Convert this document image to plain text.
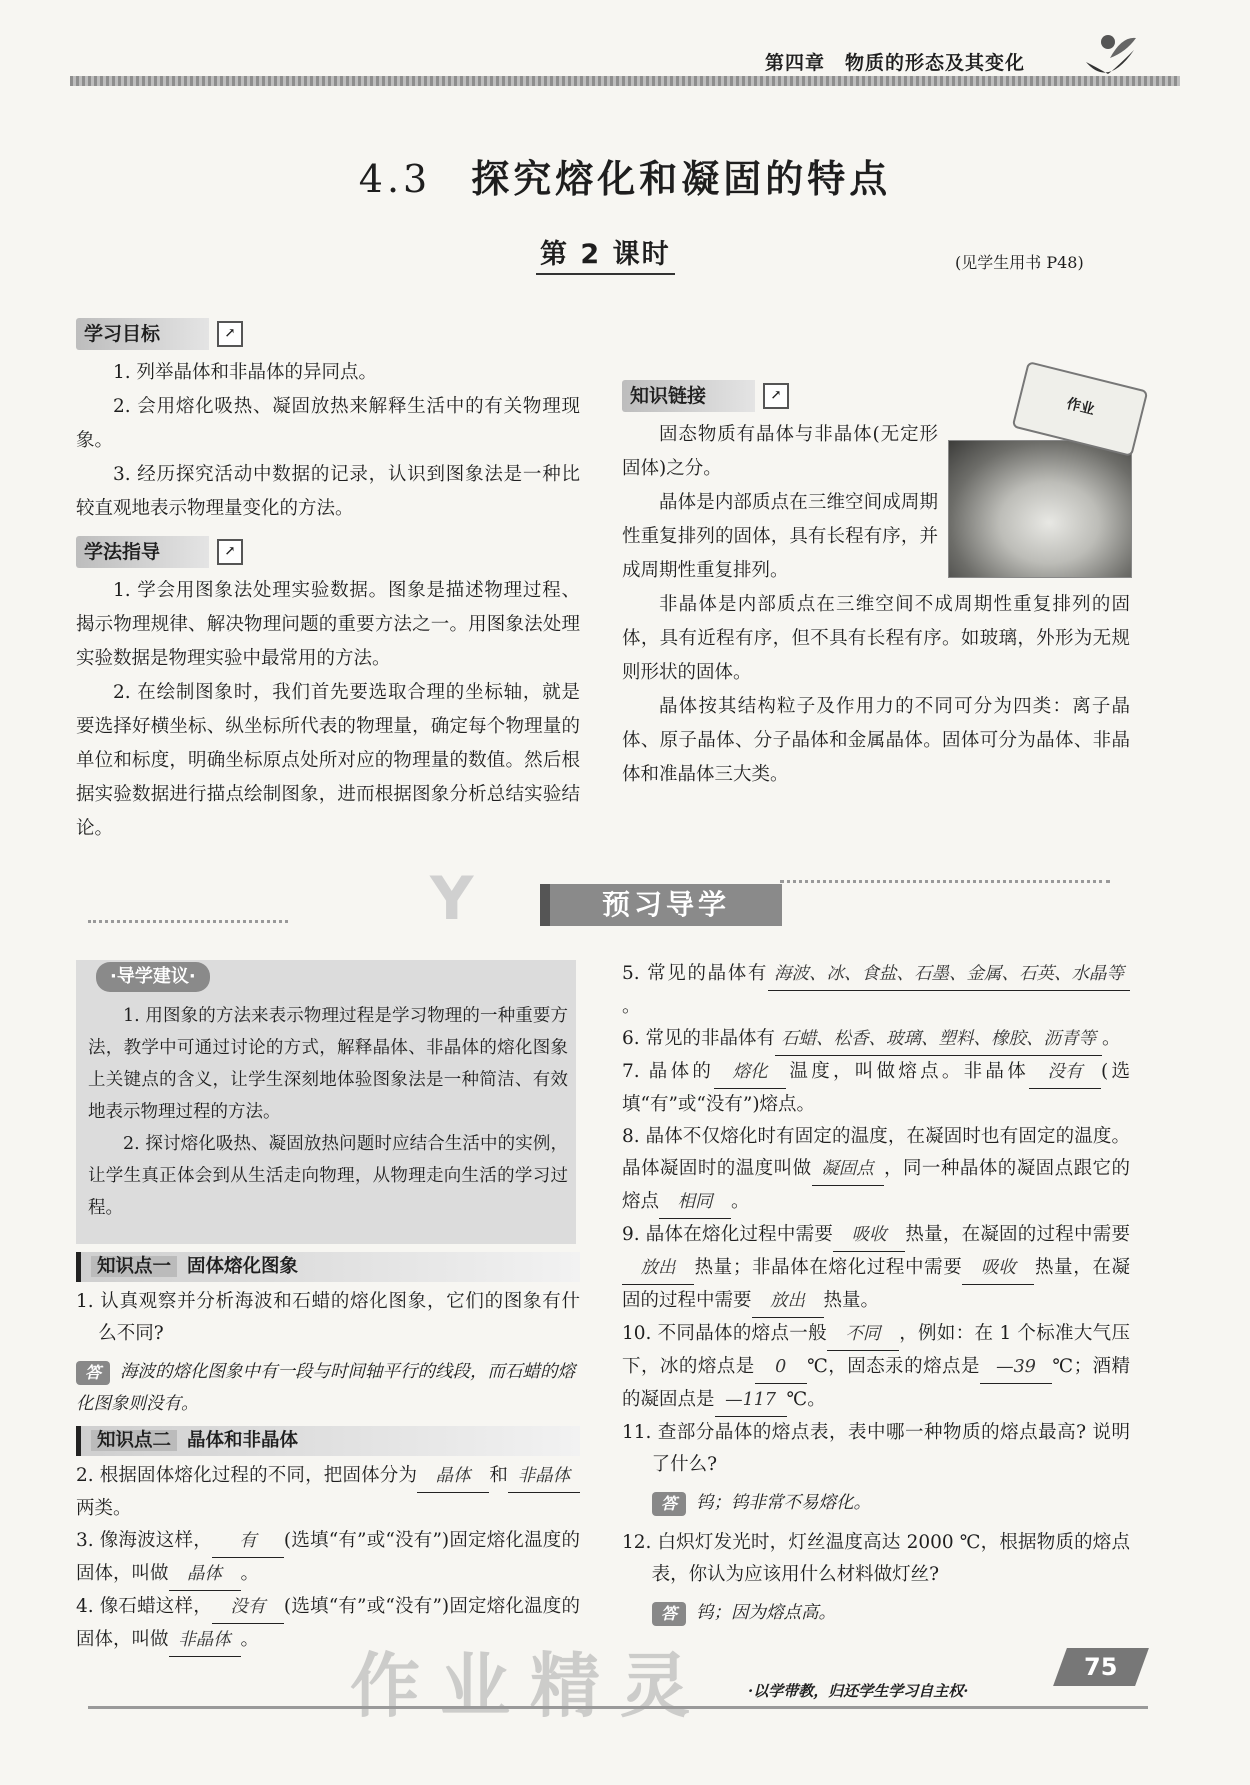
第四章　物质的形态及其变化
4.3 探究熔化和凝固的特点
第 2 课时	(见学生用书 P48)
学习目标	↗

1. 列举晶体和非晶体的异同点。

2. 会用熔化吸热、凝固放热来解释生活中的有关物理现象。

3. 经历探究活动中数据的记录，认识到图象法是一种比较直观地表示物理量变化的方法。

学法指导	↗

1. 学会用图象法处理实验数据。图象是描述物理过程、揭示物理规律、解决物理问题的重要方法之一。用图象法处理实验数据是物理实验中最常用的方法。

2. 在绘制图象时，我们首先要选取合理的坐标轴，就是要选择好横坐标、纵坐标所代表的物理量，确定每个物理量的单位和标度，明确坐标原点处所对应的物理量的数值。然后根据实验数据进行描点绘制图象，进而根据图象分析总结实验结论。

知识链接	↗

固态物质有晶体与非晶体(无定形固体)之分。

晶体是内部质点在三维空间成周期性重复排列的固体，具有长程有序，并成周期性重复排列。

非晶体是内部质点在三维空间不成周期性重复排列的固体，具有近程有序，但不具有长程有序。如玻璃，外形为无规则形状的固体。

晶体按其结构粒子及作用力的不同可分为四类：离子晶体、原子晶体、分子晶体和金属晶体。固体可分为晶体、非晶体和准晶体三大类。

作业
Y	预习导学
·导学建议·

1. 用图象的方法来表示物理过程是学习物理的一种重要方法，教学中可通过讨论的方式，解释晶体、非晶体的熔化图象上关键点的含义，让学生深刻地体验图象法是一种简洁、有效地表示物理过程的方法。

2. 探讨熔化吸热、凝固放热问题时应结合生活中的实例，让学生真正体会到从生活走向物理，从物理走向生活的学习过程。

知识点一 固体熔化图象

1. 认真观察并分析海波和石蜡的熔化图象，它们的图象有什么不同?

答 海波的熔化图象中有一段与时间轴平行的线段，而石蜡的熔化图象则没有。

知识点二 晶体和非晶体

2. 根据固体熔化过程的不同，把固体分为 晶体 和 非晶体两类。

3. 像海波这样， 有 (选填“有”或“没有”)固定熔化温度的固体，叫做 晶体 。

4. 像石蜡这样， 没有 (选填“有”或“没有”)固定熔化温度的固体，叫做 非晶体 。

5. 常见的晶体有 海波、冰、食盐、石墨、金属、石英、水晶等。

6. 常见的非晶体有 石蜡、松香、玻璃、塑料、橡胶、沥青等 。

7. 晶体的 熔化 温度，叫做熔点。非晶体 没有 (选填“有”或“没有”)熔点。

8. 晶体不仅熔化时有固定的温度，在凝固时也有固定的温度。晶体凝固时的温度叫做 凝固点 ，同一种晶体的凝固点跟它的熔点 相同 。

9. 晶体在熔化过程中需要 吸收 热量，在凝固的过程中需要放出 热量；非晶体在熔化过程中需要 吸收 热量，在凝固的过程中需要 放出 热量。

10. 不同晶体的熔点一般 不同 ，例如：在 1 个标准大气压下，冰的熔点是 0 ℃，固态汞的熔点是 —39 ℃；酒精的凝固点是 —117 ℃。

11. 查部分晶体的熔点表，表中哪一种物质的熔点最高? 说明了什么?

答 钨；钨非常不易熔化。

12. 白炽灯发光时，灯丝温度高达 2000 ℃，根据物质的熔点表，你认为应该用什么材料做灯丝?

答 钨；因为熔点高。

作业精灵	·以学带教，归还学生学习自主权·
75
